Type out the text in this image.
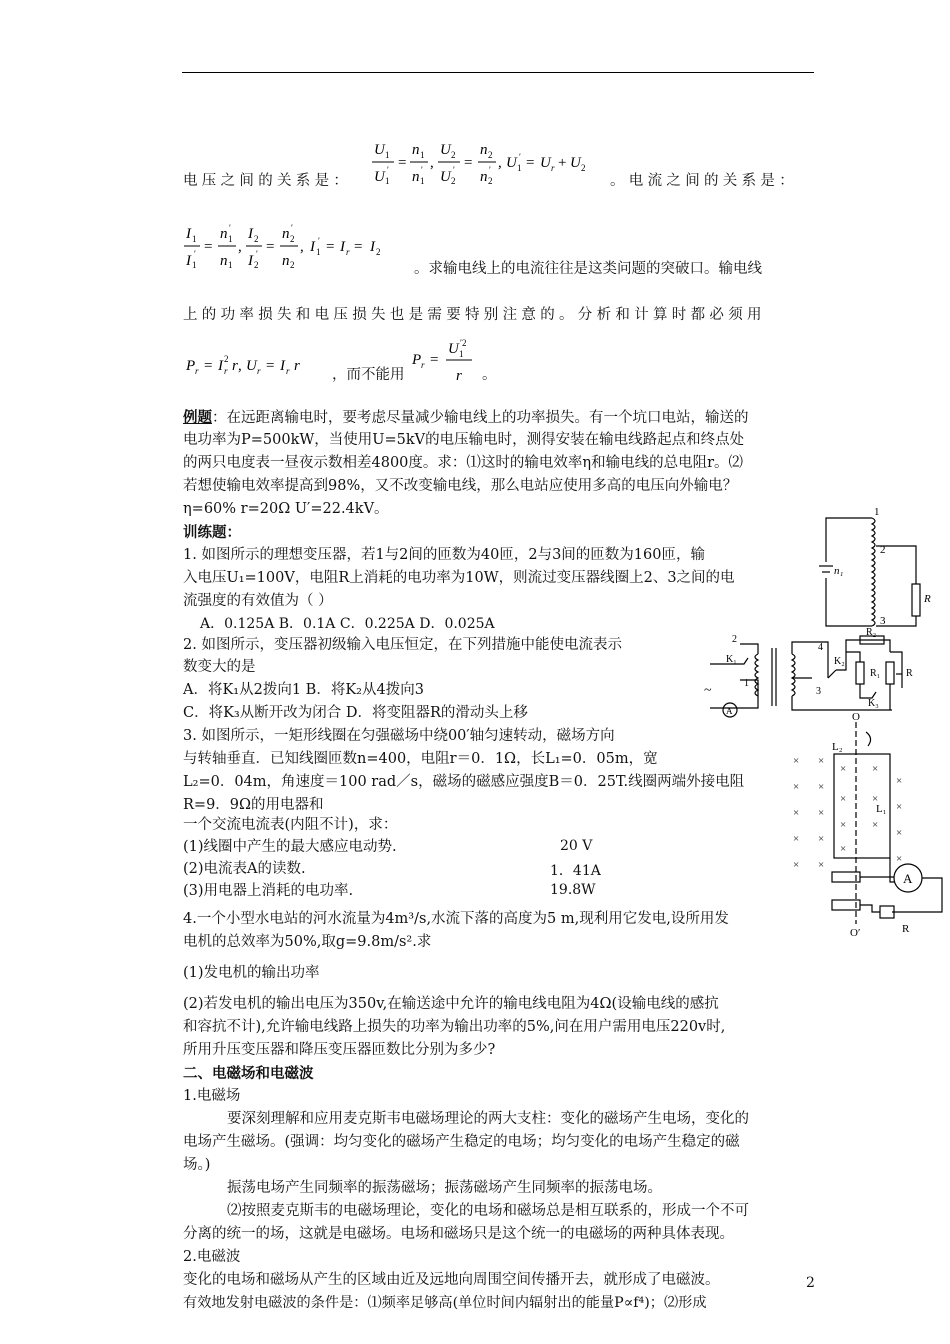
U 1
U 1
′ =
n 1
n 1
′ ,
U 2
U 2
′ =
n 2
n 2
′ , U 1
′ = U r + U 2
电压之间的关系是：	。电流之间的关系是：
I 1
I 1
′ =
n 1
′
n 1
,
I 2
I 2
′ =
n 2
′
n 2
, I 1
′ = I r = I 2
。求输电线上的电流往往是这类问题的突破口。输电线
上的功率损失和电压损失也是需要特别注意的。分析和计算时都必须用
P r = I 2
r r , U r = I r r
，而不能用
P r =
U 1
′2
r 。
例题：在远距离输电时，要考虑尽量减少输电线上的功率损失。有一个坑口电站，输送的
电功率为P=500kW，当使用U=5kV的电压输电时，测得安装在输电线路起点和终点处
的两只电度表一昼夜示数相差4800度。求：⑴这时的输电效率η和输电线的总电阻r。⑵
若想使输电效率提高到98%，又不改变输电线，那么电站应使用多高的电压向外输电？
η=60% r=20Ω U′=22.4kV。
训练题：
1. 如图所示的理想变压器，若1与2间的匝数为40匝，2与3间的匝数为160匝，输
入电压U₁=100V，电阻R上消耗的电功率为10W，则流过变压器线圈上2、3之间的电
流强度的有效值为（ ）
A．0.125A B．0.1A C．0.225A D．0.025A
2. 如图所示，变压器初级输入电压恒定，在下列措施中能使电流表示
数变大的是
A．将K₁从2拨向1 B．将K₂从4拨向3
C．将K₃从断开改为闭合 D．将变阻器R的滑动头上移
3. 如图所示，一矩形线圈在匀强磁场中绕00′轴匀速转动，磁场方向
与转轴垂直．已知线圈匝数n=400，电阻r＝0．1Ω，长L₁=0．05m，宽
L₂=0．04m，角速度＝100 rad／s，磁场的磁感应强度B＝0．25T.线圈两端外接电阻
R=9．9Ω的用电器和
一个交流电流表(内阻不计)，求：
(1)线圈中产生的最大感应电动势.	20 V
(2)电流表A的读数.	1．41A
(3)用电器上消耗的电功率.	19.8W
4.一个小型水电站的河水流量为4m³/s,水流下落的高度为5 m,现利用它发电,设所用发
电机的总效率为50%,取g=9.8m/s².求
(1)发电机的输出功率
(2)若发电机的输出电压为350v,在输送途中允许的输电线电阻为4Ω(设输电线的感抗
和容抗不计),允许输电线路上损失的功率为输出功率的5%,问在用户需用电压220v时,
所用升压变压器和降压变压器匝数比分别为多少?
二、电磁场和电磁波
1.电磁场
要深刻理解和应用麦克斯韦电磁场理论的两大支柱：变化的磁场产生电场，变化的
电场产生磁场。(强调：均匀变化的磁场产生稳定的电场；均匀变化的电场产生稳定的磁
场。)
振荡电场产生同频率的振荡磁场；振荡磁场产生同频率的振荡电场。
⑵按照麦克斯韦的电磁场理论，变化的电场和磁场总是相互联系的，形成一个不可
分离的统一的场，这就是电磁场。电场和磁场只是这个统一的电磁场的两种具体表现。
2.电磁波
变化的电场和磁场从产生的区域由近及远地向周围空间传播开去，就形成了电磁波。
有效地发射电磁波的条件是：⑴频率足够高(单位时间内辐射出的能量P∝f⁴)；⑵形成
2
1
2
3
n₁
R
2
1
K₁
4
3
K₂
R₂
R₁	R
K₃
A
~
× ×
× ×
×
× ×
× ×
×
× ×
× ×
×
× ×
×
×
× ×
O
L₂
L₁
A
R
O′
